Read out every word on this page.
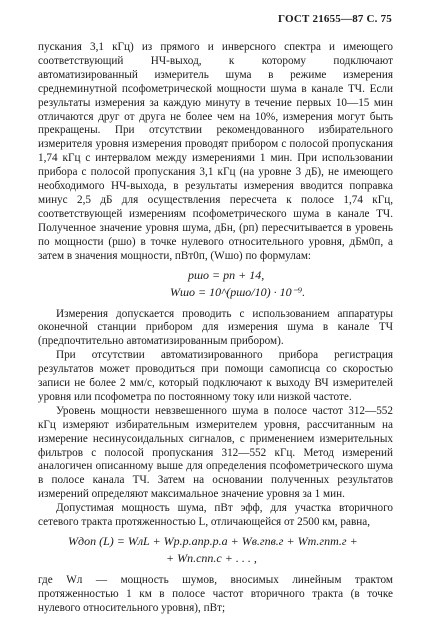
ГОСТ 21655—87 С. 75

пускания 3,1 кГц) из прямого и инверсного спектра и имеющего соответствующий НЧ-выход, к которому подключают автоматизированный измеритель шума в режиме измерения среднеминутной псофометрической мощности шума в канале ТЧ. Если результаты измерения за каждую минуту в течение первых 10—15 мин отличаются друг от друга не более чем на 10%, измерения могут быть прекращены. При отсутствии рекомендованного избирательного измерителя уровня измерения проводят прибором с полосой пропускания 1,74 кГц с интервалом между измерениями 1 мин. При использовании прибора с полосой пропускания 3,1 кГц (на уровне 3 дБ), не имеющего необходимого НЧ-выхода, в результаты измерения вводится поправка минус 2,5 дБ для осуществления пересчета к полосе 1,74 кГц, соответствующей измерениям псофометрического шума в канале ТЧ. Полученное значение уровня шума, дБн, (pп) пересчитывается в уровень по мощности (pшо) в точке нулевого относительного уровня, дБм0п, а затем в значения мощности, пВт0п, (Wшо) по формулам:

pшо = pп + 14,
Wшо = 10^(pшо/10) · 10⁻⁹.

Измерения допускается проводить с использованием аппаратуры оконечной станции прибором для измерения шума в канале ТЧ (предпочтительно автоматизированным прибором).

При отсутствии автоматизированного прибора регистрация результатов может проводиться при помощи самописца со скоростью записи не более 2 мм/с, который подключают к выходу ВЧ измерителей уровня или псофометра по постоянному току или низкой частоте.

Уровень мощности невзвешенного шума в полосе частот 312—552 кГц измеряют избирательным измерителем уровня, рассчитанным на измерение несинусоидальных сигналов, с применением измерительных фильтров с полосой пропускания 312—552 кГц. Метод измерений аналогичен описанному выше для определения псофометрического шума в полосе канала ТЧ. Затем на основании полученных результатов измерений определяют максимальное значение уровня за 1 мин.

Допустимая мощность шума, пВт эфф, для участка вторичного сетевого тракта протяженностью L, отличающейся от 2500 км, равна,

Wдоп (L) = WлL + Wр.р.аnр.р.а + Wв.гnв.г + Wт.гnт.г +
+ Wп.сnп.с + . . . ,

где Wл — мощность шумов, вносимых линейным трактом протяженностью 1 км в полосе частот вторичного тракта (в точке нулевого относительного уровня), пВт;
